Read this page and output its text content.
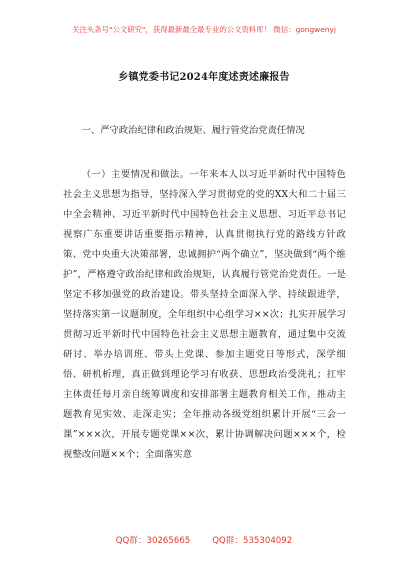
关注头条号"公文研究"，获得最新最全最专业的公文资料库！ 微信：gongwenyj
乡镇党委书记2024年度述责述廉报告
一、严守政治纪律和政治规矩、履行管党治党责任情况
（一）主要情况和做法。一年来本人以习近平新时代中国特色社会主义思想为指导，坚持深入学习贯彻党的党的XX大和二十届三中全会精神、习近平新时代中国特色社会主义思想、习近平总书记视察广东重要讲话重要指示精神，认真贯彻执行党的路线方针政策、党中央重大决策部署，忠诚拥护“两个确立”，坚决做到“两个维护”，严格遵守政治纪律和政治规矩，认真履行管党治党责任。一是坚定不移加强党的政治建设。带头坚持全面深入学、持续跟进学，坚持落实第一议题制度，全年组织中心组学习××次；扎实开展学习贯彻习近平新时代中国特色社会主义思想主题教育，通过集中交流研讨、举办培训班、带头上党课、参加主题党日等形式，深学细悟、研机析理，真正做到理论学习有收获、思想政治受洗礼；扛牢主体责任每月亲自统筹调度和安排部署主题教育相关工作，推动主题教育见实效、走深走实；全年推动各级党组织累计开展“三会一课”×××次，开展专题党课××次，累计协调解决问题×××个，检视整改问题××个；全面落实意
QQ群：30265665	QQ群：535304092
